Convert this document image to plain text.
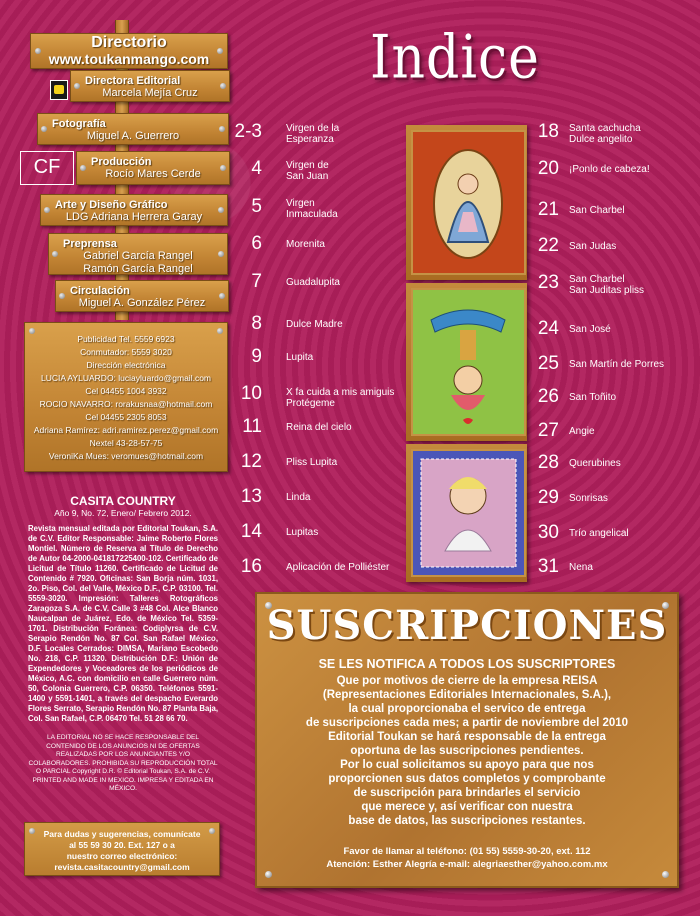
Directorio
www.toukanmango.com
Directora Editorial
Marcela Mejía Cruz
Fotografía
Miguel A. Guerrero
CF	Producción
Rocío Mares Cerde
Arte y Diseño Gráfico
LDG Adriana Herrera Garay
Preprensa
Gabriel García Rangel
Ramón García Rangel
Circulación
Miguel A. González Pérez
Publicidad Tel. 5559 6923
Conmutador: 5559 3020
Dirección electrónica
LUCIA AYLUARDO: luciayluardo@gmail.com
Cel 04455 1004 3932
ROCIO NAVARRO: rorakusnaa@hotmail.com
Cel 04455 2305 8053
Adriana Ramírez: adri.ramirez.perez@gmail.com
Nextel 43-28-57-75
VeroniKa Mues: veromues@hotmail.com
CASITA COUNTRY
Año 9, No. 72, Enero/ Febrero 2012.
Revista mensual editada por Editorial Toukan, S.A. de C.V. Editor Responsable: Jaime Roberto Flores Montiel. Número de Reserva al Título de Derecho de Autor 04-2000-041817225400-102. Certificado de Licitud de Título 11260. Certificado de Licitud de Contenido # 7920. Oficinas: San Borja núm. 1031, 2o. Piso, Col. del Valle, México D.F., C.P. 03100. Tel. 5559-3020. Impresión: Talleres Rotográficos Zaragoza S.A. de C.V. Calle 3 #48 Col. Alce Blanco Naucalpan de Juárez, Edo. de México Tel. 5359-1701. Distribución Foránea: Codiplyrsa de C.V. Serapio Rendón No. 87 Col. San Rafael México, D.F. Locales Cerrados: DIMSA, Mariano Escobedo No. 218, C.P. 11320. Distribución D.F.: Unión de Expendedores y Voceadores de los periódicos de México, A.C. con domicilio en calle Guerrero núm. 50, Colonia Guerrero, C.P. 06350. Teléfonos 5591-1400 y 5591-1401, a través del despacho Everardo Flores Serrato, Serapio Rendón No. 87 Planta Baja, Col. San Rafael, C.P. 06470 Tel. 51 28 66 70.
LA EDITORIAL NO SE HACE RESPONSABLE DEL CONTENIDO DE LOS ANUNCIOS NI DE OFERTAS REALIZADAS POR LOS ANUNCIANTES Y/O COLABORADORES. PROHIBIDA SU REPRODUCCIÓN TOTAL O PARCIAL Copyright D.R. © Editorial Toukan, S.A. de C.V. PRINTED AND MADE IN MEXICO. IMPRESA Y EDITADA EN MÉXICO.
Para dudas y sugerencias, comunícate
al 55 59 30 20. Ext. 127 o a
nuestro correo electrónico:
revista.casitacountry@gmail.com
Indice
2-3 Virgen de la
Esperanza
4 Virgen de
San Juan
5 Virgen
Inmaculada
6 Morenita
7 Guadalupita
8 Dulce Madre
9 Lupita
10 X fa cuida a mis amiguis
Protégeme
11 Reina del cielo
12 Pliss Lupita
13 Linda
14 Lupitas
16 Aplicación de Polliéster
18 Santa cachucha
Dulce angelito
20 ¡Ponlo de cabeza!
21 San Charbel
22 San Judas
23 San Charbel
San Juditas pliss
24 San José
25 San Martín de Porres
26 San Toñito
27 Angie
28 Querubines
29 Sonrisas
30 Trío angelical
31 Nena
SUSCRIPCIONES
SE LES NOTIFICA A TODOS LOS SUSCRIPTORES
Que por motivos de cierre de la empresa REISA
(Representaciones Editoriales Internacionales, S.A.),
la cual proporcionaba el servico de entrega
de suscripciones cada mes; a partir de noviembre del 2010
Editorial Toukan se hará responsable de la entrega
oportuna de las suscripciones pendientes.
Por lo cual solicitamos su apoyo para que nos
proporcionen sus datos completos y comprobante
de suscripción para brindarles el servicio
que merece y, así verificar con nuestra
base de datos, las suscripciones restantes.
Favor de llamar al teléfono: (01 55) 5559-30-20, ext. 112
Atención: Esther Alegría e-mail: alegriaesther@yahoo.com.mx
